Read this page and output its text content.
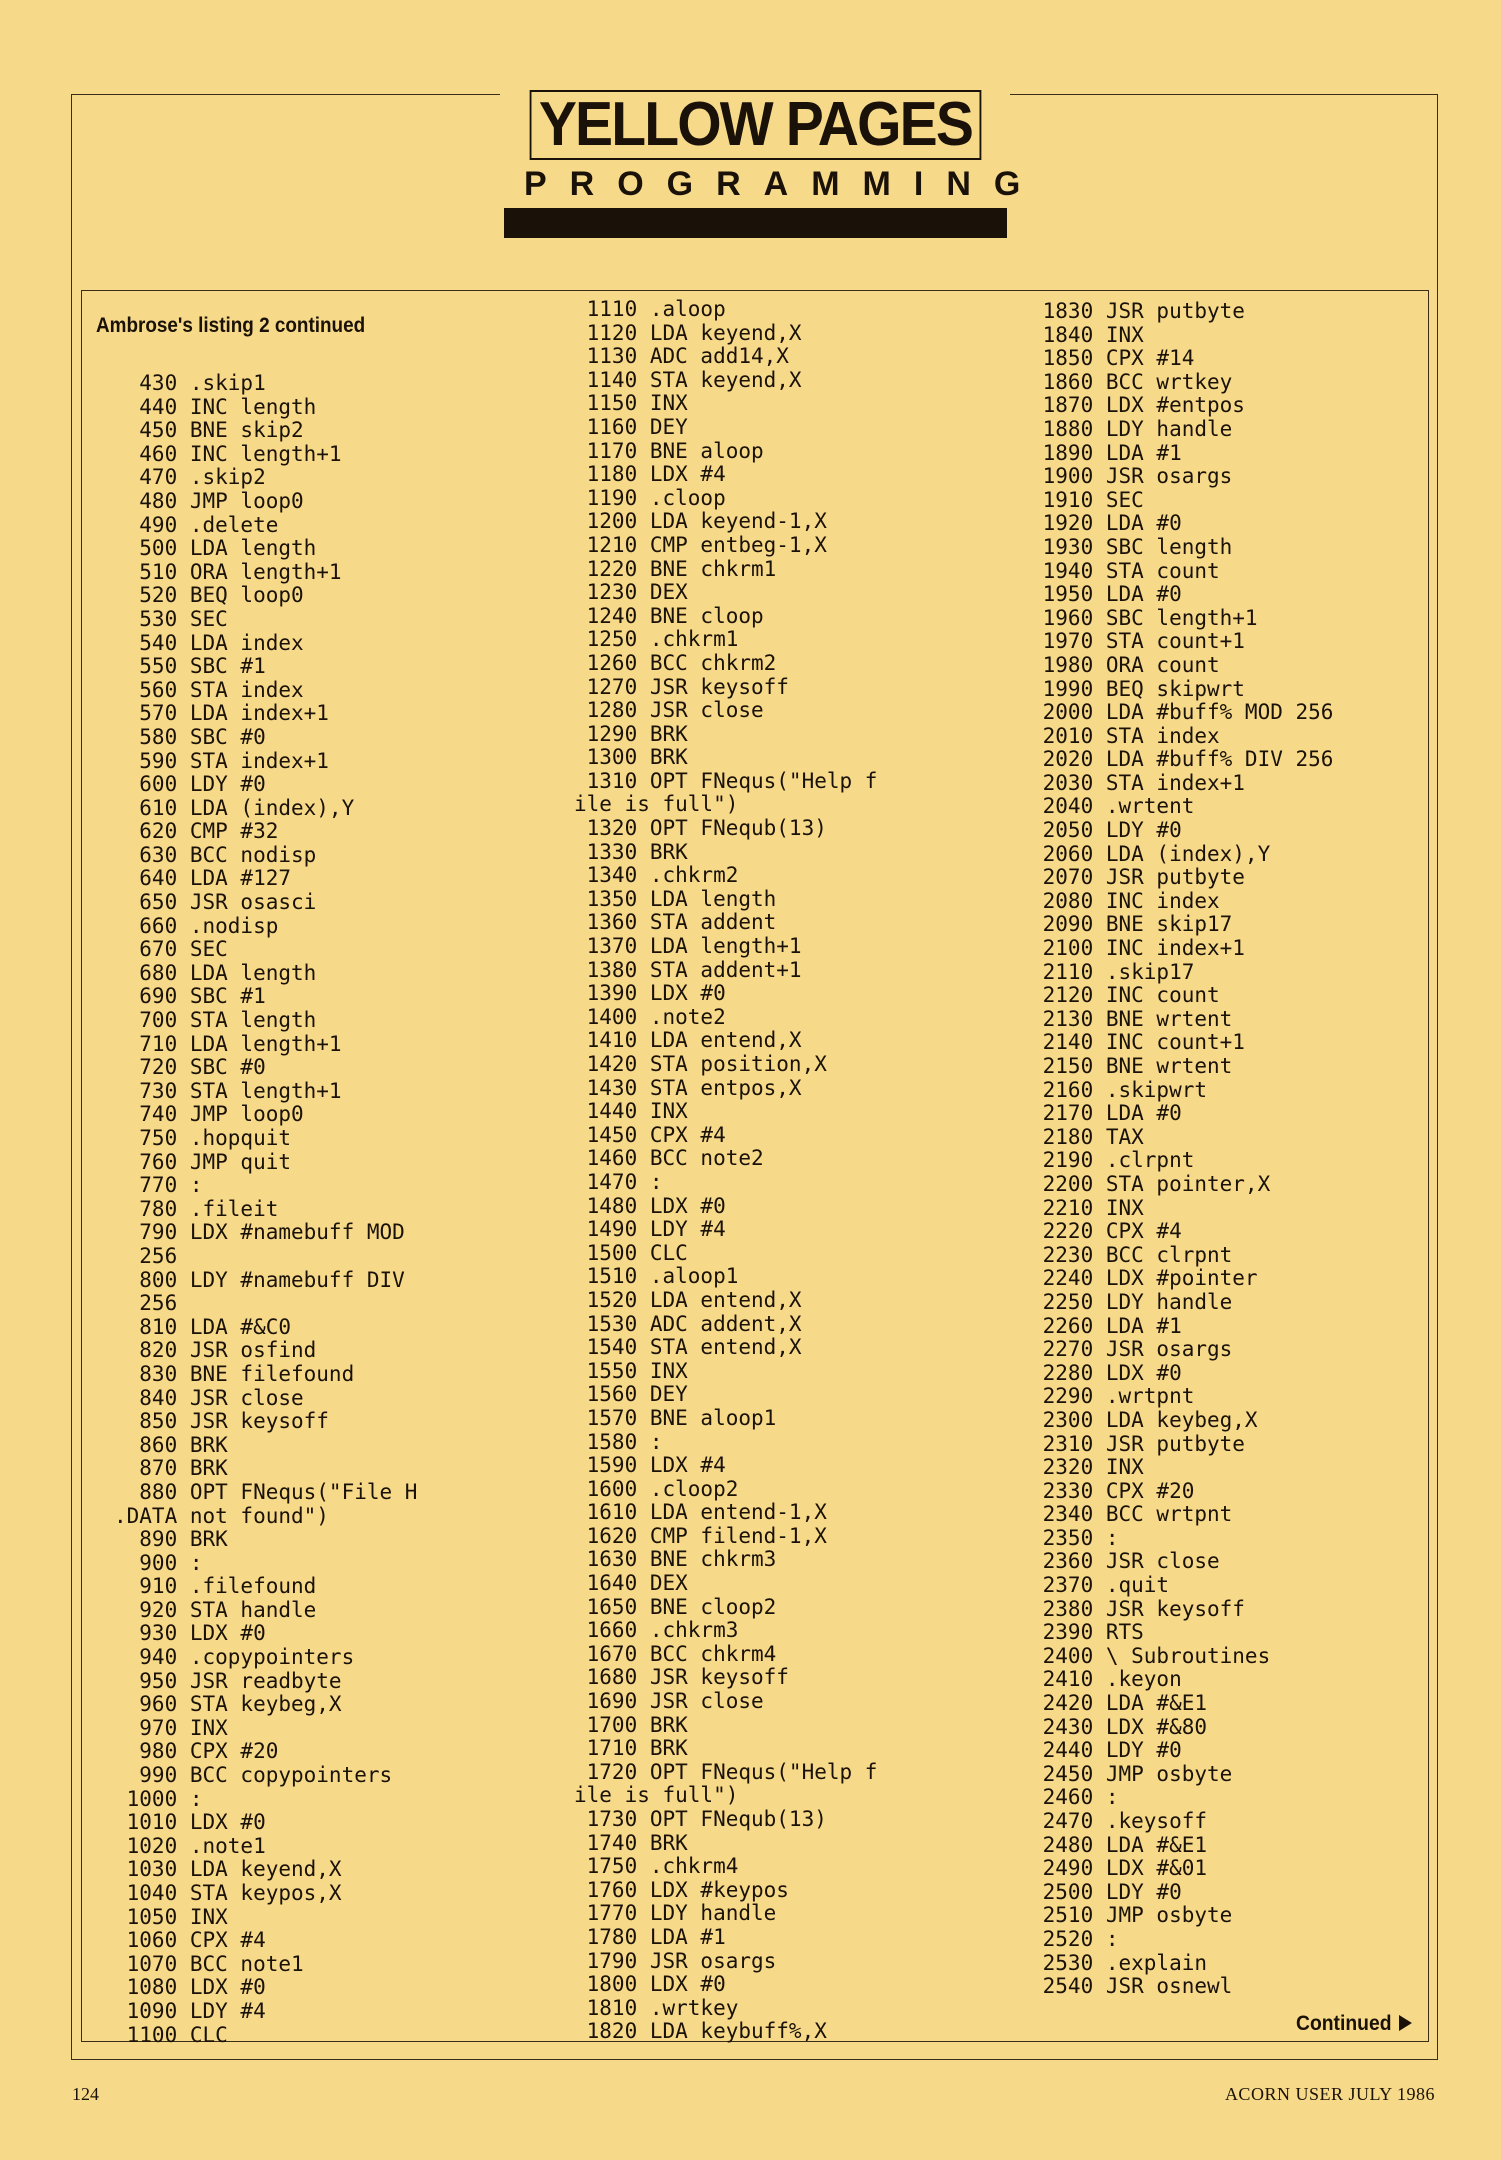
YELLOW PAGES
PROGRAMMING
Ambrose's listing 2 continued
430 .skip1
440 INC length
450 BNE skip2
460 INC length+1
470 .skip2
480 JMP loop0
490 .delete
500 LDA length
510 ORA length+1
520 BEQ loop0
530 SEC
540 LDA index
550 SBC #1
560 STA index
570 LDA index+1
580 SBC #0
590 STA index+1
600 LDY #0
610 LDA (index),Y
620 CMP #32
630 BCC nodisp
640 LDA #127
650 JSR osasci
660 .nodisp
670 SEC
680 LDA length
690 SBC #1
700 STA length
710 LDA length+1
720 SBC #0
730 STA length+1
740 JMP loop0
750 .hopquit
760 JMP quit
770 :
780 .fileit
790 LDX #namebuff MOD
256
800 LDY #namebuff DIV
256
810 LDA #&C0
820 JSR osfind
830 BNE filefound
840 JSR close
850 JSR keysoff
860 BRK
870 BRK
880 OPT FNequs("File H
.DATA not found")
890 BRK
900 :
910 .filefound
920 STA handle
930 LDX #0
940 .copypointers
950 JSR readbyte
960 STA keybeg,X
970 INX
980 CPX #20
990 BCC copypointers
1000 :
1010 LDX #0
1020 .note1
1030 LDA keyend,X
1040 STA keypos,X
1050 INX
1060 CPX #4
1070 BCC note1
1080 LDX #0
1090 LDY #4
1100 CLC
1110 .aloop
1120 LDA keyend,X
1130 ADC add14,X
1140 STA keyend,X
1150 INX
1160 DEY
1170 BNE aloop
1180 LDX #4
1190 .cloop
1200 LDA keyend-1,X
1210 CMP entbeg-1,X
1220 BNE chkrm1
1230 DEX
1240 BNE cloop
1250 .chkrm1
1260 BCC chkrm2
1270 JSR keysoff
1280 JSR close
1290 BRK
1300 BRK
1310 OPT FNequs("Help f
ile is full")
1320 OPT FNequb(13)
1330 BRK
1340 .chkrm2
1350 LDA length
1360 STA addent
1370 LDA length+1
1380 STA addent+1
1390 LDX #0
1400 .note2
1410 LDA entend,X
1420 STA position,X
1430 STA entpos,X
1440 INX
1450 CPX #4
1460 BCC note2
1470 :
1480 LDX #0
1490 LDY #4
1500 CLC
1510 .aloop1
1520 LDA entend,X
1530 ADC addent,X
1540 STA entend,X
1550 INX
1560 DEY
1570 BNE aloop1
1580 :
1590 LDX #4
1600 .cloop2
1610 LDA entend-1,X
1620 CMP filend-1,X
1630 BNE chkrm3
1640 DEX
1650 BNE cloop2
1660 .chkrm3
1670 BCC chkrm4
1680 JSR keysoff
1690 JSR close
1700 BRK
1710 BRK
1720 OPT FNequs("Help f
ile is full")
1730 OPT FNequb(13)
1740 BRK
1750 .chkrm4
1760 LDX #keypos
1770 LDY handle
1780 LDA #1
1790 JSR osargs
1800 LDX #0
1810 .wrtkey
1820 LDA keybuff%,X
1830 JSR putbyte
1840 INX
1850 CPX #14
1860 BCC wrtkey
1870 LDX #entpos
1880 LDY handle
1890 LDA #1
1900 JSR osargs
1910 SEC
1920 LDA #0
1930 SBC length
1940 STA count
1950 LDA #0
1960 SBC length+1
1970 STA count+1
1980 ORA count
1990 BEQ skipwrt
2000 LDA #buff% MOD 256
2010 STA index
2020 LDA #buff% DIV 256
2030 STA index+1
2040 .wrtent
2050 LDY #0
2060 LDA (index),Y
2070 JSR putbyte
2080 INC index
2090 BNE skip17
2100 INC index+1
2110 .skip17
2120 INC count
2130 BNE wrtent
2140 INC count+1
2150 BNE wrtent
2160 .skipwrt
2170 LDA #0
2180 TAX
2190 .clrpnt
2200 STA pointer,X
2210 INX
2220 CPX #4
2230 BCC clrpnt
2240 LDX #pointer
2250 LDY handle
2260 LDA #1
2270 JSR osargs
2280 LDX #0
2290 .wrtpnt
2300 LDA keybeg,X
2310 JSR putbyte
2320 INX
2330 CPX #20
2340 BCC wrtpnt
2350 :
2360 JSR close
2370 .quit
2380 JSR keysoff
2390 RTS
2400 \ Subroutines
2410 .keyon
2420 LDA #&E1
2430 LDX #&80
2440 LDY #0
2450 JMP osbyte
2460 :
2470 .keysoff
2480 LDA #&E1
2490 LDX #&01
2500 LDY #0
2510 JMP osbyte
2520 :
2530 .explain
2540 JSR osnewl
Continued
124	ACORN USER JULY 1986
